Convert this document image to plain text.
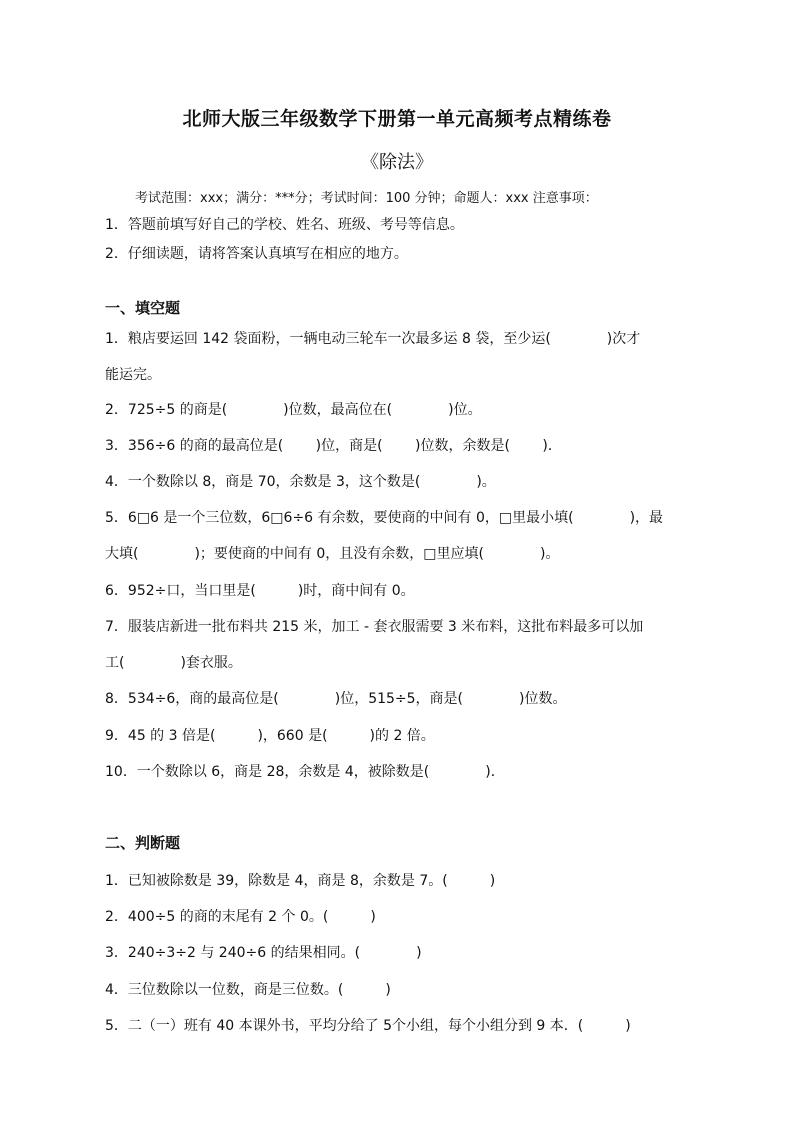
北师大版三年级数学下册第一单元高频考点精练卷
《除法》
考试范围：xxx；满分：***分；考试时间：100 分钟；命题人：xxx 注意事项：
1．答题前填写好自己的学校、姓名、班级、考号等信息。
2．仔细读题，请将答案认真填写在相应的地方。
一、填空题
1．粮店要运回 142 袋面粉，一辆电动三轮车一次最多运 8 袋，至少运(　　　　)次才
能运完。
2．725÷5 的商是(　　　　)位数，最高位在(　　　　)位。
3．356÷6 的商的最高位是(　　 )位，商是(　　 )位数，余数是(　　 )．
4．一个数除以 8，商是 70，余数是 3，这个数是(　　　　)。
5．6□6 是一个三位数，6□6÷6 有余数，要使商的中间有 0，□里最小填(　　　　)，最
大填(　　　　)；要使商的中间有 0，且没有余数，□里应填(　　　　)。
6．952÷口，当口里是(　　　)时，商中间有 0。
7．服装店新进一批布料共 215 米，加工 - 套衣服需要 3 米布料，这批布料最多可以加
工(　　　　)套衣服。
8．534÷6，商的最高位是(　　　　)位，515÷5，商是(　　　　)位数。
9．45 的 3 倍是(　　　)，660 是(　　　)的 2 倍。
10．一个数除以 6，商是 28，余数是 4，被除数是(　　　　)．
二、判断题
1．已知被除数是 39，除数是 4，商是 8，余数是 7。(　　　)
2．400÷5 的商的末尾有 2 个 0。(　　　)
3．240÷3÷2 与 240÷6 的结果相同。(　　　　)
4．三位数除以一位数，商是三位数。(　　　)
5．二（一）班有 40 本课外书，平均分给了 5个小组，每个小组分到 9 本．(　　　)
